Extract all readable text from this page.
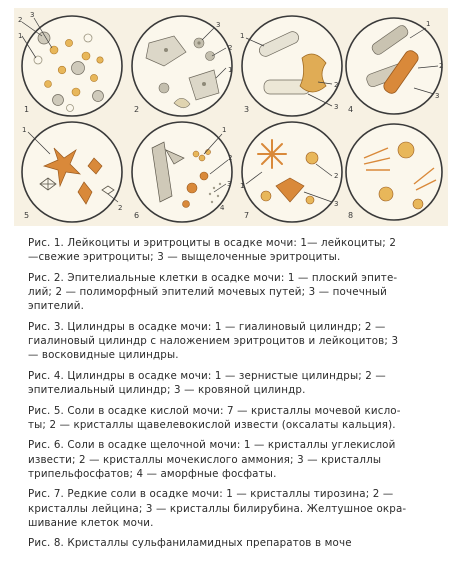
1	2	3	4
5	6	7	8
1
2
3
1
2
3
1
2
3
1
2
3
1
2
1
2
3
4
1
2
3
Рис. 1. Лейкоциты и эритроциты в осадке мочи: 1— лейкоциты; 2
—свежие эритроциты; 3 — выщелоченные эритроциты.
Рис. 2. Эпителиальные клетки в осадке мочи: 1 — плоский эпите-
лий; 2 — полиморфный эпителий мочевых путей; 3 — почечный
эпителий.
Рис. 3. Цилиндры в осадке мочи: 1 — гиалиновый цилиндр; 2 —
гиалиновый цилиндр с наложением эритроцитов и лейкоцитов; 3
— восковидные цилиндры.
Рис. 4. Цилиндры в осадке мочи: 1 — зернистые цилиндры; 2 —
эпителиальный цилиндр; 3 — кровяной цилиндр.
Рис. 5. Соли в осадке кислой мочи: 7 — кристаллы мочевой кисло-
ты; 2 — кристаллы щавелевокислой извести (оксалаты кальция).
Рис. 6. Соли в осадке щелочной мочи: 1 — кристаллы углекислой
извести; 2 — кристаллы мочекислого аммония; 3 — кристаллы
трипельфосфатов; 4 — аморфные фосфаты.
Рис. 7. Редкие соли в осадке мочи: 1 — кристаллы тирозина; 2 —
кристаллы лейцина; 3 — кристаллы билирубина. Желтушное окра-
шивание клеток мочи.
Рис. 8. Кристаллы сульфаниламидных препаратов в моче
